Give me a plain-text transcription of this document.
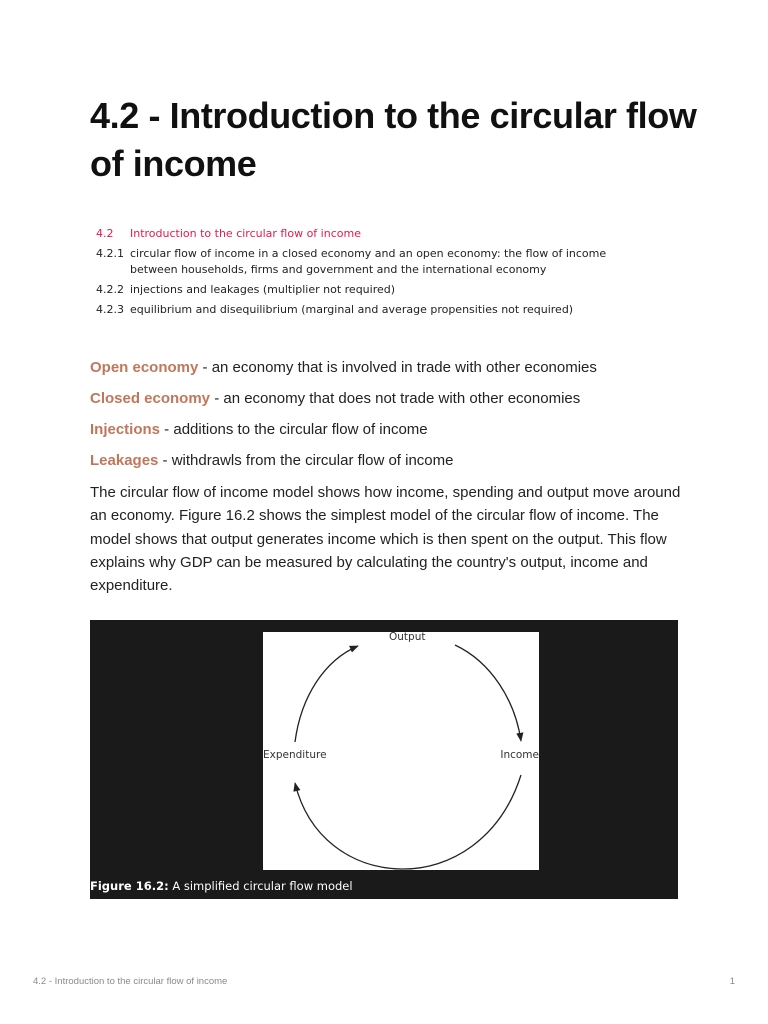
4.2 - Introduction to the circular flow of income
4.2	Introduction to the circular flow of income
4.2.1 circular flow of income in a closed economy and an open economy: the flow of income between households, firms and government and the international economy
4.2.2 injections and leakages (multiplier not required)
4.2.3 equilibrium and disequilibrium (marginal and average propensities not required)

Open economy - an economy that is involved in trade with other economies

Closed economy - an economy that does not trade with other economies

Injections - additions to the circular flow of income

Leakages - withdrawls from the circular flow of income

The circular flow of income model shows how income, spending and output move around an economy. Figure 16.2 shows the simplest model of the circular flow of income. The model shows that output generates income which is then spent on the output. This flow explains why GDP can be measured by calculating the country's output, income and expenditure.

Output
Expenditure	Income
Figure 16.2: A simplified circular flow model
4.2 - Introduction to the circular flow of income	1
